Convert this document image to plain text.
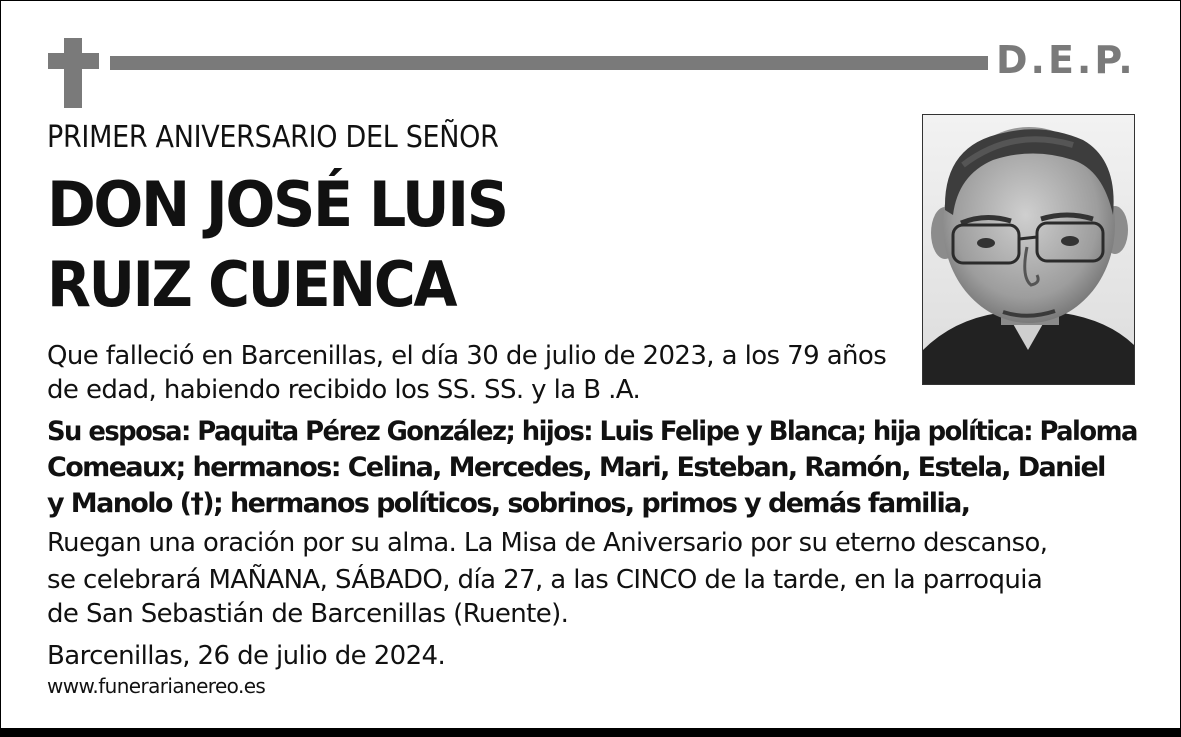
D.E.P.
PRIMER ANIVERSARIO DEL SEÑOR
DON JOSÉ LUIS
RUIZ CUENCA
Que falleció en Barcenillas, el día 30 de julio de 2023, a los 79 años
de edad, habiendo recibido los SS. SS. y la B .A.
Su esposa: Paquita Pérez González; hijos: Luis Felipe y Blanca; hija política: Paloma
Comeaux; hermanos: Celina, Mercedes, Mari, Esteban, Ramón, Estela, Daniel
y Manolo (†); hermanos políticos, sobrinos, primos y demás familia,
Ruegan una oración por su alma. La Misa de Aniversario por su eterno descanso,
se celebrará MAÑANA, SÁBADO, día 27, a las CINCO de la tarde, en la parroquia
de San Sebastián de Barcenillas (Ruente).
Barcenillas, 26 de julio de 2024.
www.funerarianereo.es
